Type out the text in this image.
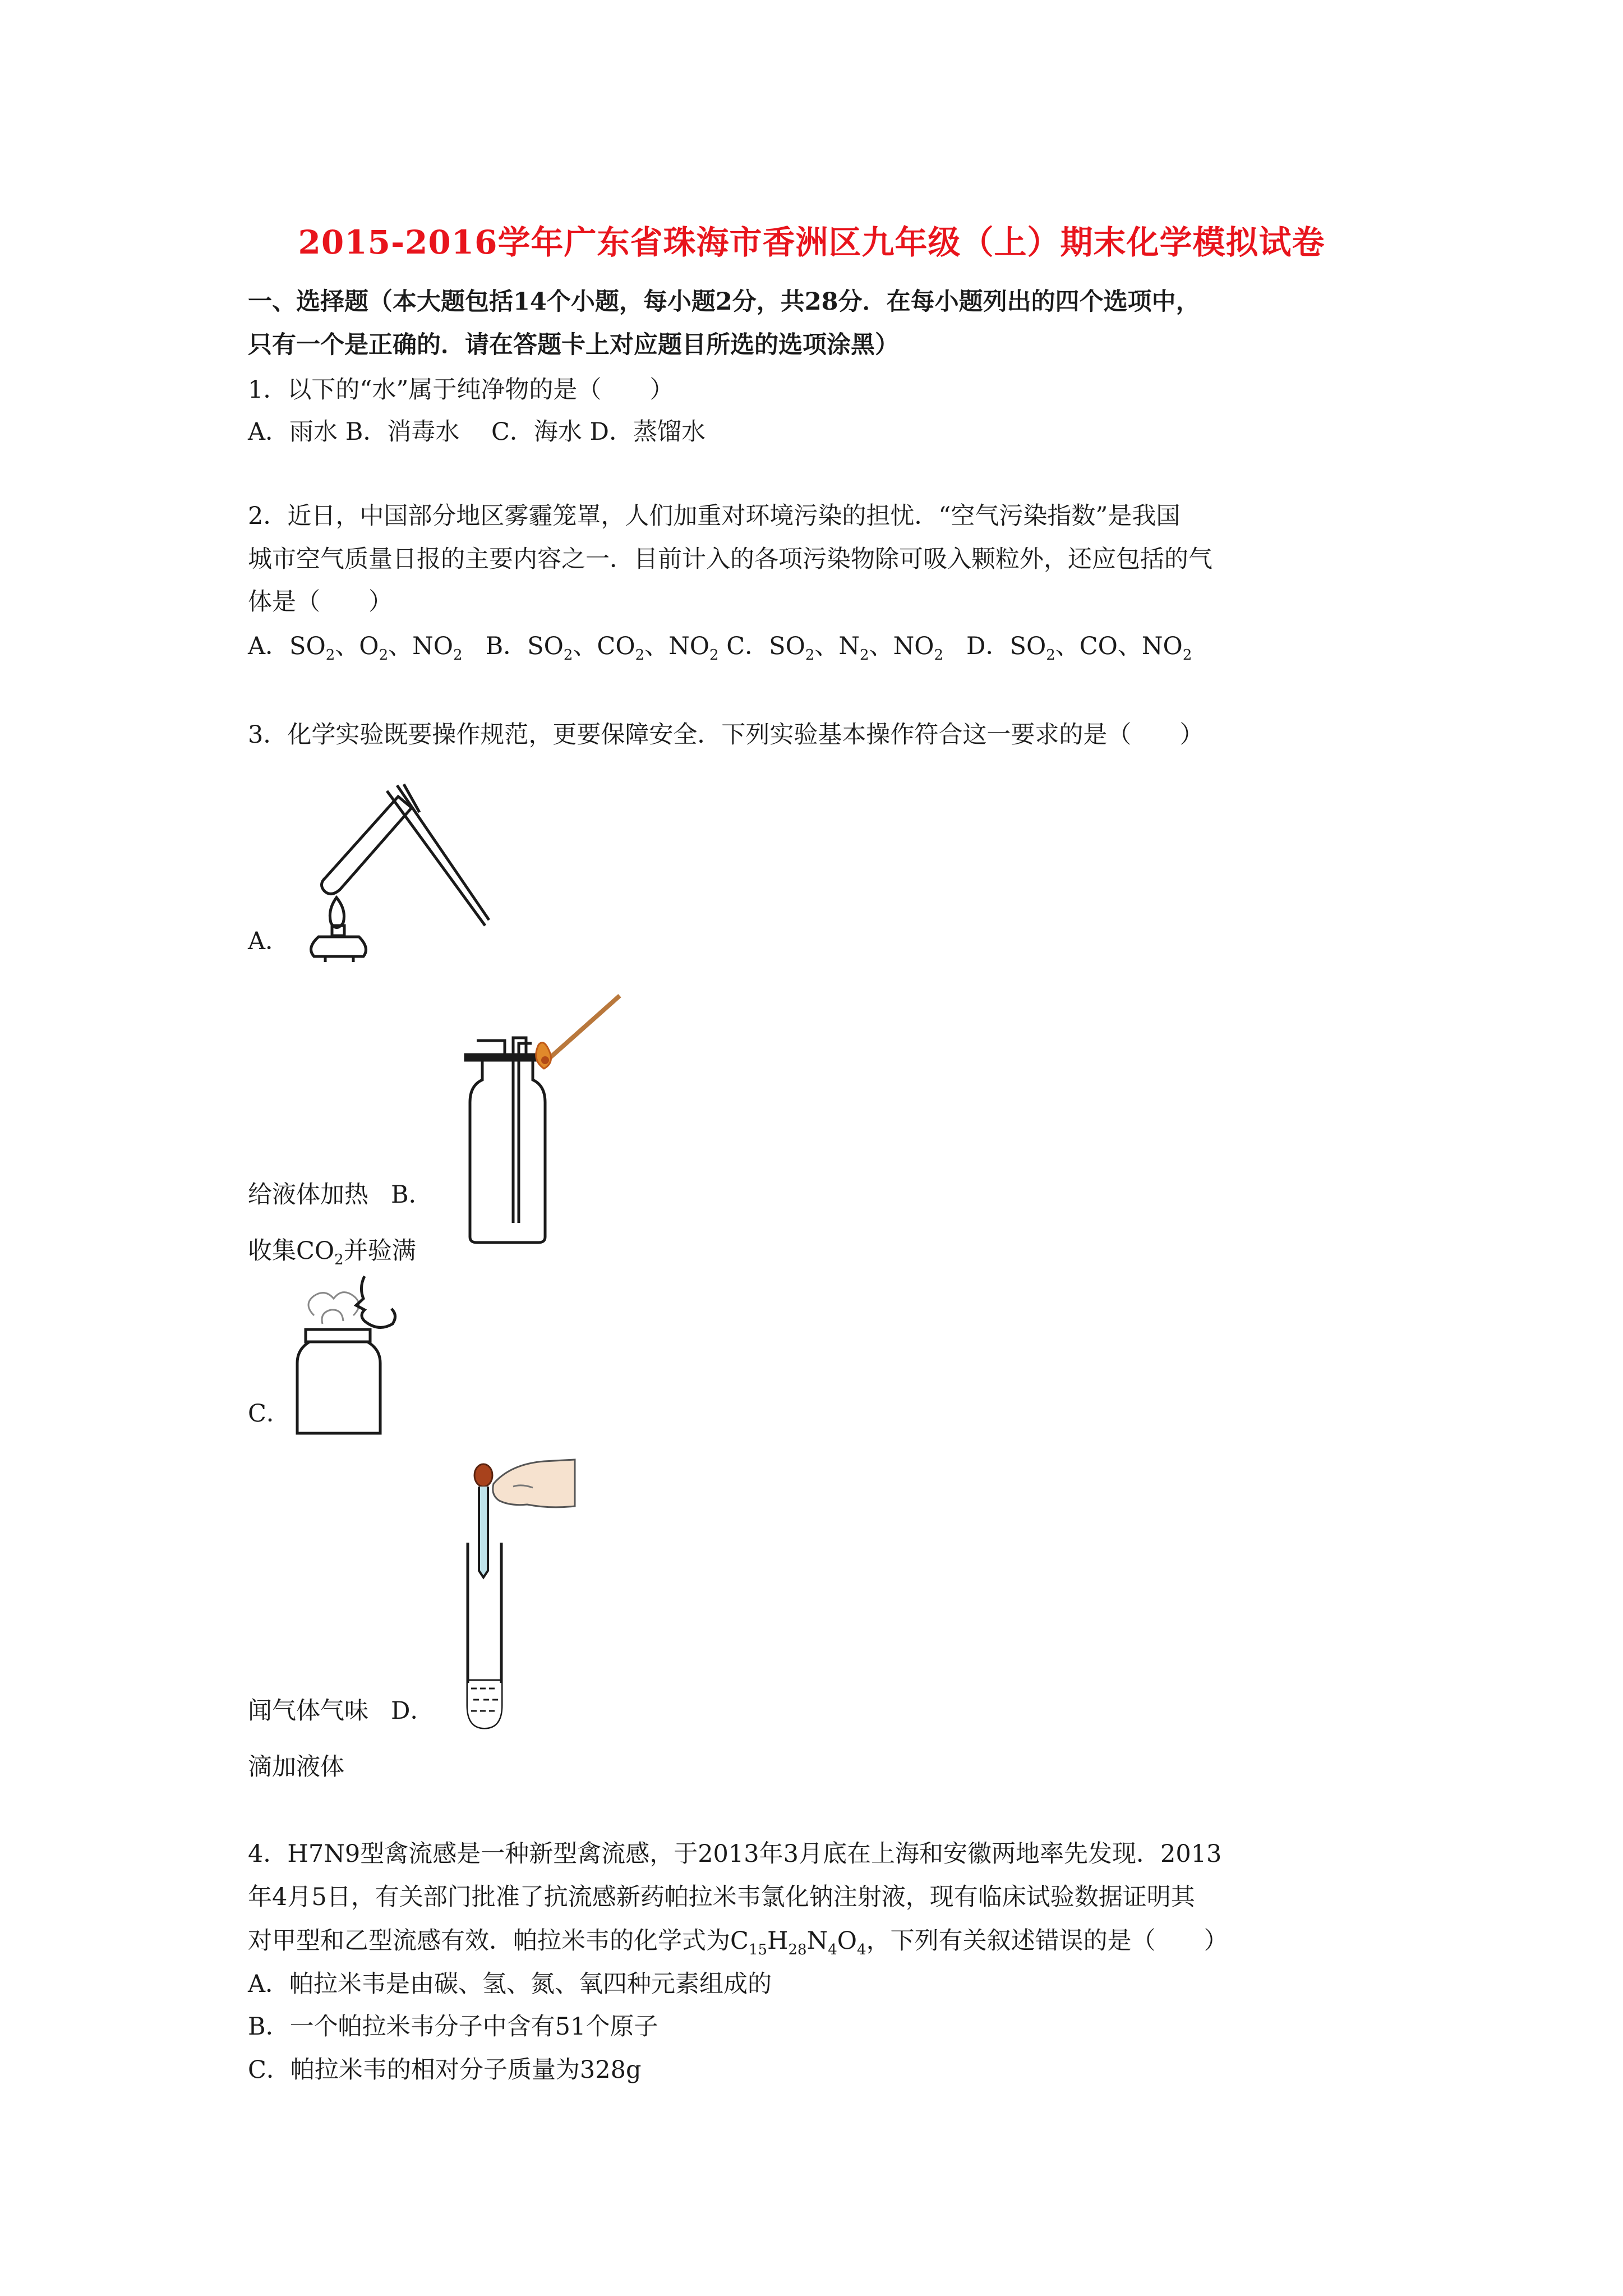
2015-2016学年广东省珠海市香洲区九年级（上）期末化学模拟试卷
一、选择题（本大题包括14个小题，每小题2分，共28分．在每小题列出的四个选项中，
只有一个是正确的．请在答题卡上对应题目所选的选项涂黑）
1．以下的“水”属于纯净物的是（　　）
A．雨水 B．消毒水　 C．海水 D．蒸馏水
2．近日，中国部分地区雾霾笼罩，人们加重对环境污染的担忧．“空气污染指数”是我国
城市空气质量日报的主要内容之一．目前计入的各项污染物除可吸入颗粒外，还应包括的气
体是（　　）
A．$SO_2$、$O_2$、$NO_2$ B．$SO_2$、$CO_2$、$NO_2$ C．$SO_2$、$N_2$、$NO_2$ D．$SO_2$、CO、$NO_2$
3．化学实验既要操作规范，更要保障安全．下列实验基本操作符合这一要求的是（　　）
A．
给液体加热 B．
收集$CO_2$并验满
C．
闻气体气味 D．
滴加液体
4．H7N9型禽流感是一种新型禽流感，于2013年3月底在上海和安徽两地率先发现．2013
年4月5日，有关部门批准了抗流感新药帕拉米韦氯化钠注射液，现有临床试验数据证明其
对甲型和乙型流感有效．帕拉米韦的化学式为$C_{15}H_{28}N_4O_4$，下列有关叙述错误的是（　　）
A．帕拉米韦是由碳、氢、氮、氧四种元素组成的
B．一个帕拉米韦分子中含有51个原子
C．帕拉米韦的相对分子质量为328g
